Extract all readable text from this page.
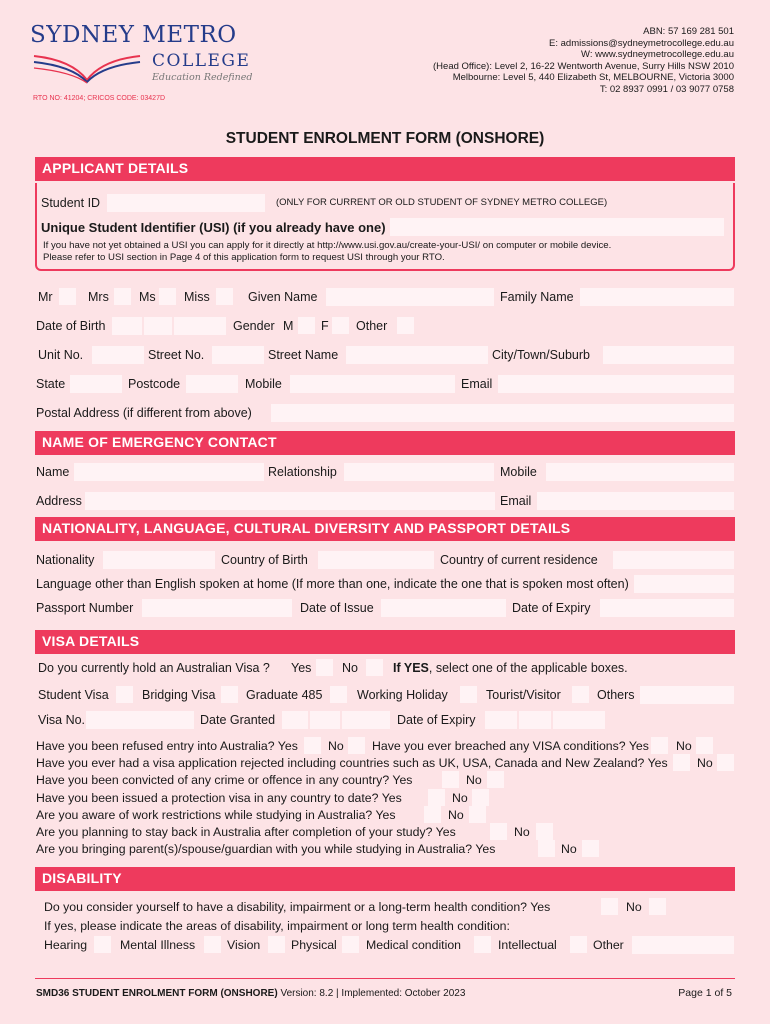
SYDNEY METRO
COLLEGE
Education Redefined
RTO NO: 41204; CRICOS CODE: 03427D
ABN: 57 169 281 501
E: admissions@sydneymetrocollege.edu.au
W: www.sydneymetrocollege.edu.au
(Head Office): Level 2, 16-22 Wentworth Avenue, Surry Hills NSW 2010
Melbourne: Level 5, 440 Elizabeth St, MELBOURNE, Victoria 3000
T: 02 8937 0991 / 03 9077 0758
STUDENT ENROLMENT FORM (ONSHORE)
APPLICANT DETAILS
Student ID	(ONLY FOR CURRENT OR OLD STUDENT OF SYDNEY METRO COLLEGE)
Unique Student Identifier (USI) (if you already have one)
If you have not yet obtained a USI you can apply for it directly at http://www.usi.gov.au/create-your-USI/ on computer or mobile device.
Please refer to USI section in Page 4 of this application form to request USI through your RTO.
Mr	Mrs Ms Miss	Given Name	Family Name
Date of Birth	Gender M F Other
Unit No.	Street No.	Street Name	City/Town/Suburb
State	Postcode	Mobile	Email
Postal Address (if different from above)
NAME OF EMERGENCY CONTACT
Name	Relationship	Mobile
Address	Email
NATIONALITY, LANGUAGE, CULTURAL DIVERSITY AND PASSPORT DETAILS
Nationality	Country of Birth	Country of current residence
Language other than English spoken at home (If more than one, indicate the one that is spoken most often)
Passport Number	Date of Issue	Date of Expiry
VISA DETAILS
Do you currently hold an Australian Visa ? Yes No	If YES, select one of the applicable boxes.
Student Visa	Bridging Visa Graduate 485	Working Holiday	Tourist/Visitor	Others
Visa No.	Date Granted	Date of Expiry
Have you been refused entry into Australia? Yes No Have you ever breached any VISA conditions? Yes No
Have you ever had a visa application rejected including countries such as UK, USA, Canada and New Zealand? Yes No
Have you been convicted of any crime or offence in any country? Yes	No
Have you been issued a protection visa in any country to date? Yes	No
Are you aware of work restrictions while studying in Australia? Yes	No
Are you planning to stay back in Australia after completion of your study? Yes	No
Are you bringing parent(s)/spouse/guardian with you while studying in Australia? Yes	No
DISABILITY
Do you consider yourself to have a disability, impairment or a long-term health condition? Yes	No
If yes, please indicate the areas of disability, impairment or long term health condition:
Hearing	Mental Illness	Vision Physical Medical condition	Intellectual	Other
SMD36 STUDENT ENROLMENT FORM (ONSHORE) Version: 8.2 | Implemented: October 2023	Page 1 of 5
